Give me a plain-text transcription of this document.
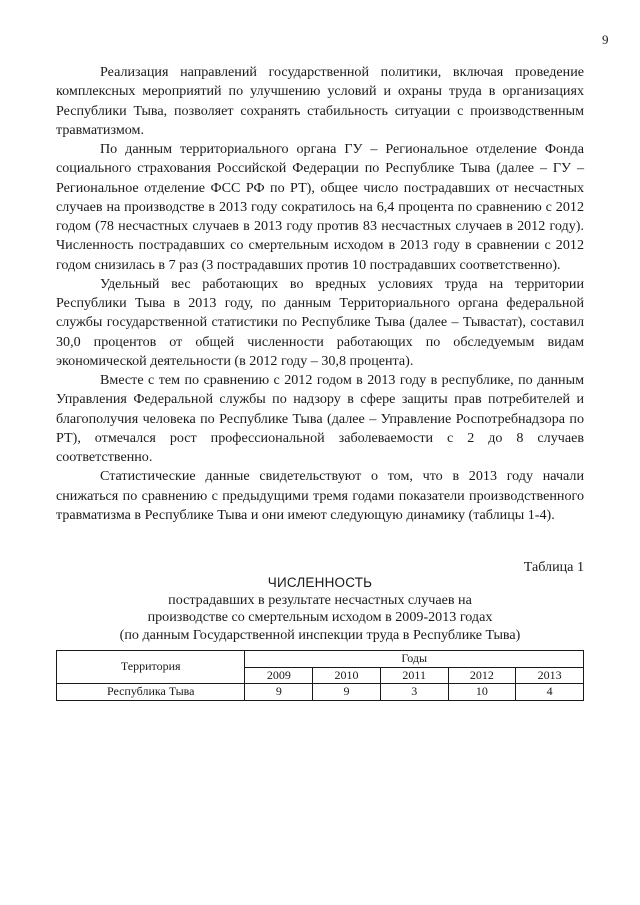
9

Реализация направлений государственной политики, включая проведение комплексных мероприятий по улучшению условий и охраны труда в организациях Республики Тыва, позволяет сохранять стабильность ситуации с производственным травматизмом.

По данным территориального органа ГУ – Региональное отделение Фонда социального страхования Российской Федерации по Республике Тыва (далее – ГУ – Региональное отделение ФСС РФ по РТ), общее число пострадавших от несчастных случаев на производстве в 2013 году сократилось на 6,4 процента по сравнению с 2012 годом (78 несчастных случаев в 2013 году против 83 несчастных случаев в 2012 году). Численность пострадавших со смертельным исходом в 2013 году в сравнении с 2012 годом снизилась в 7 раз (3 пострадавших против 10 пострадавших соответственно).

Удельный вес работающих во вредных условиях труда на территории Республики Тыва в 2013 году, по данным Территориального органа федеральной службы государственной статистики по Республике Тыва (далее – Тывастат), составил 30,0 процентов от общей численности работающих по обследуемым видам экономической деятельности (в 2012 году – 30,8 процента).

Вместе с тем по сравнению с 2012 годом в 2013 году в республике, по данным Управления Федеральной службы по надзору в сфере защиты прав потребителей и благополучия человека по Республике Тыва (далее – Управление Роспотребнадзора по РТ), отмечался рост профессиональной заболеваемости с 2 до 8 случаев соответственно.

Статистические данные свидетельствуют о том, что в 2013 году начали снижаться по сравнению с предыдущими тремя годами показатели производственного травматизма в Республике Тыва и они имеют следующую динамику (таблицы 1-4).

Таблица 1
ЧИСЛЕННОСТЬ
пострадавших в результате несчастных случаев на
производстве со смертельным исходом в 2009-2013 годах
(по данным Государственной инспекции труда в Республике Тыва)
Территория	Годы				
	2009	2010	2011	2012	2013
Республика Тыва	9	9	3	10	4
